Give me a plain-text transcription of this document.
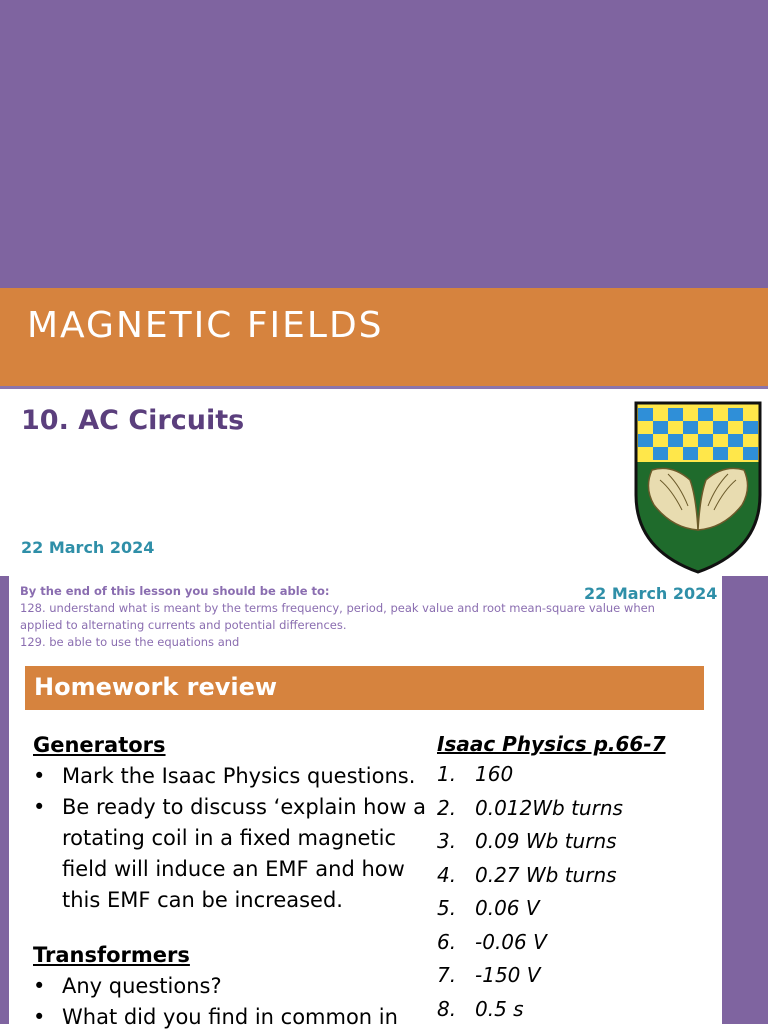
MAGNETIC FIELDS
10. AC Circuits
22 March 2024
By the end of this lesson you should be able to:
128. understand what is meant by the terms frequency, period, peak value and root mean-square value when applied to alternating currents and potential differences.
129. be able to use the equations and
22 March 2024
Homework review
Generators
• Mark the Isaac Physics questions.
• Be ready to discuss ‘explain how a rotating coil in a fixed magnetic field will induce an EMF and how this EMF can be increased.
Transformers
• Any questions?
• What did you find in common in
Isaac Physics p.66-7
1. 160
2. 0.012Wb turns
3. 0.09 Wb turns
4. 0.27 Wb turns
5. 0.06 V
6. -0.06 V
7. -150 V
8. 0.5 s
